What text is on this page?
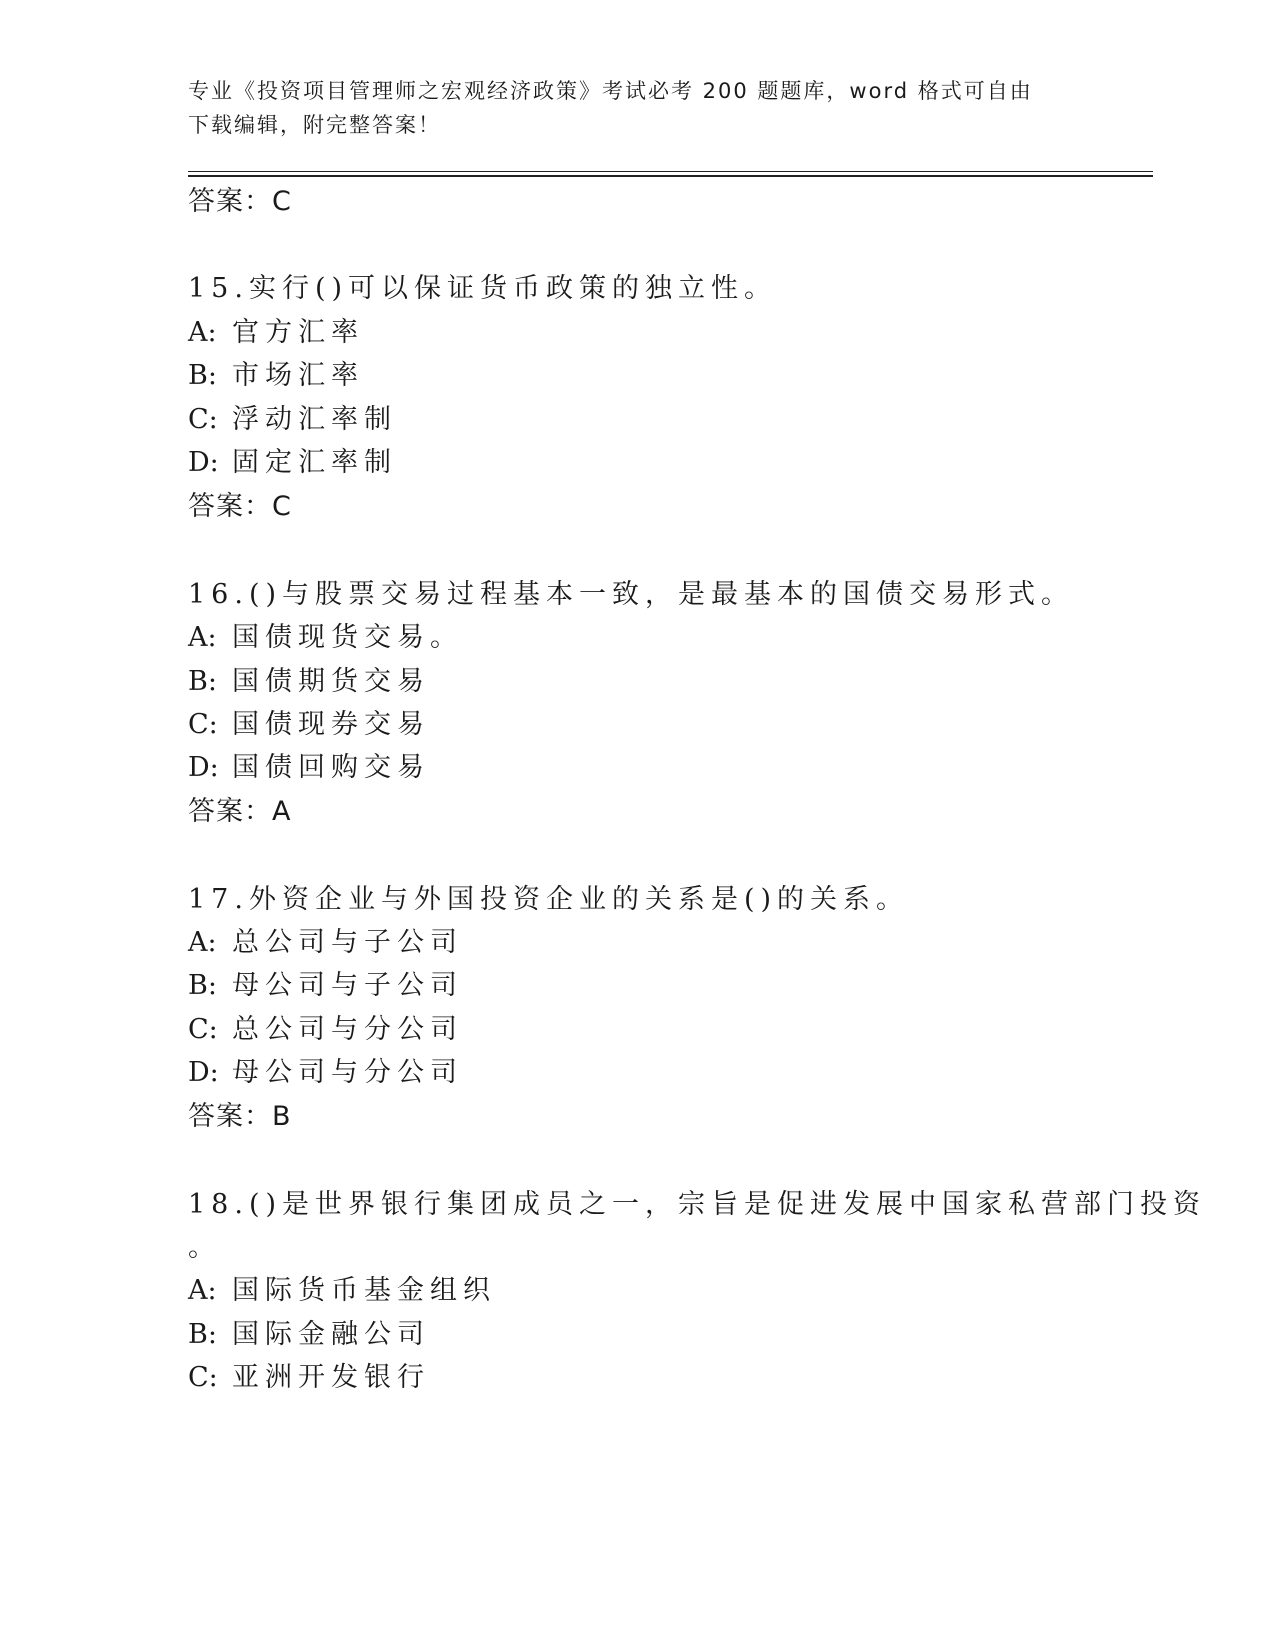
专业《投资项目管理师之宏观经济政策》考试必考 200 题题库，word 格式可自由
下载编辑，附完整答案！
答案：C
15.实行()可以保证货币政策的独立性。
A: 官方汇率
B: 市场汇率
C: 浮动汇率制
D: 固定汇率制
答案：C
16.()与股票交易过程基本一致，是最基本的国债交易形式。
A: 国债现货交易。
B: 国债期货交易
C: 国债现券交易
D: 国债回购交易
答案：A
17.外资企业与外国投资企业的关系是()的关系。
A: 总公司与子公司
B: 母公司与子公司
C: 总公司与分公司
D: 母公司与分公司
答案：B
18.()是世界银行集团成员之一，宗旨是促进发展中国家私营部门投资
。
A: 国际货币基金组织
B: 国际金融公司
C: 亚洲开发银行
